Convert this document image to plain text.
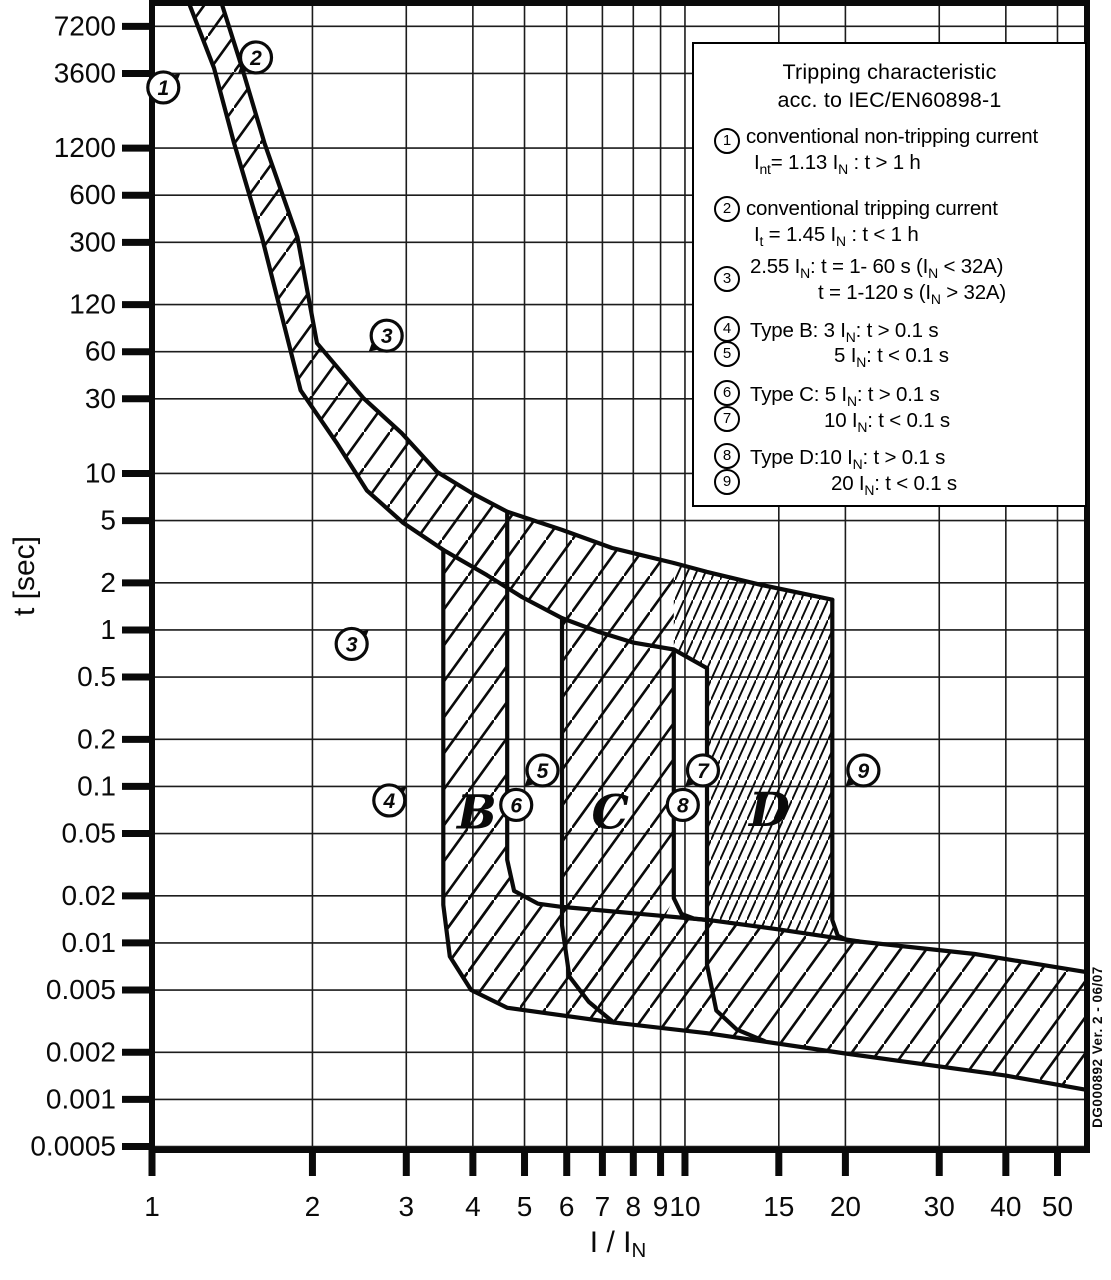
7200
3600
1200
600
300
120
60
30
10
5
2
1
0.5
0.2
0.1
0.05
0.02
0.01
0.005
0.002
0.001
0.0005
1	2	3 4 5 6 7 8 9 10 15 20 30 40 50
t [sec]
I / IN
DG000892 Ver. 2 - 06/07
B C	D
1
2
3
3
4
5
6
7
8
9
Tripping characteristic
acc. to IEC/EN60898-1
1 conventional non-tripping current
$I_{nt}= 1.13$ $I_N$ : t > 1 h
2 conventional tripping current
$I_t = 1.45$ $I_N$ : t < 1 h
3
2.55 $I_N$: t = 1- 60 s $(I_N < 32A)$
t = 1-120 s $(I_N > 32A)$
4 Type B: 3 $I_N$: t > 0.1 s
5	5 $I_N$: t < 0.1 s
6 Type C: 5 $I_N$: t > 0.1 s
7	10 $I_N$: t < 0.1 s
8 Type D:10 $I_N$: t > 0.1 s
9	20 $I_N$: t < 0.1 s
